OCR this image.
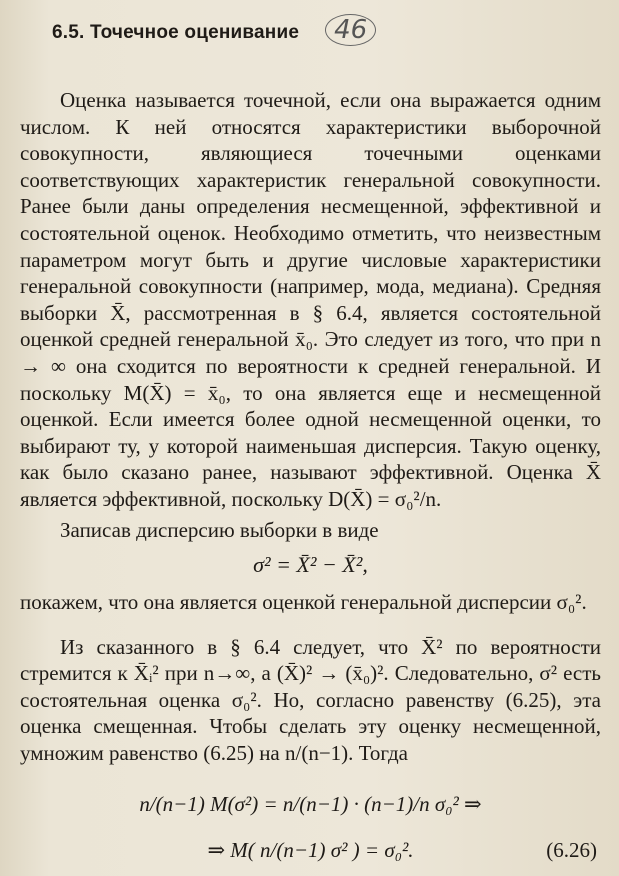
6.5. Точечное оценивание	46

Оценка называется точечной, если она выражается одним числом. К ней относятся характеристики выборочной совокупности, являющиеся точечными оценками соответствующих характеристик генеральной совокупности. Ранее были даны определения несмещенной, эффективной и состоятельной оценок. Необходимо отметить, что неизвестным параметром могут быть и другие числовые характеристики генеральной совокупности (например, мода, медиана). Средняя выборки X̄, рассмотренная в § 6.4, является состоятельной оценкой средней генеральной x̄₀. Это следует из того, что при n → ∞ она сходится по вероятности к средней генеральной. И поскольку M(X̄) = x̄₀, то она является еще и несмещенной оценкой. Если имеется более одной несмещенной оценки, то выбирают ту, у которой наименьшая дисперсия. Такую оценку, как было сказано ранее, называют эффективной. Оценка X̄ является эффективной, поскольку D(X̄) = σ₀²/n.

Записав дисперсию выборки в виде

σ² = X̄² − X̄²,

покажем, что она является оценкой генеральной дисперсии σ₀².

Из сказанного в § 6.4 следует, что X̄² по вероятности стремится к X̄ᵢ² при n→∞, а (X̄)² → (x̄₀)². Следовательно, σ² есть состоятельная оценка σ₀². Но, согласно равенству (6.25), эта оценка смещенная. Чтобы сделать эту оценку несмещенной, умножим равенство (6.25) на n/(n−1). Тогда

n/(n−1) M(σ²) = n/(n−1) · (n−1)/n σ₀² ⇒
⇒ M( n/(n−1) σ² ) = σ₀².	(6.26)
